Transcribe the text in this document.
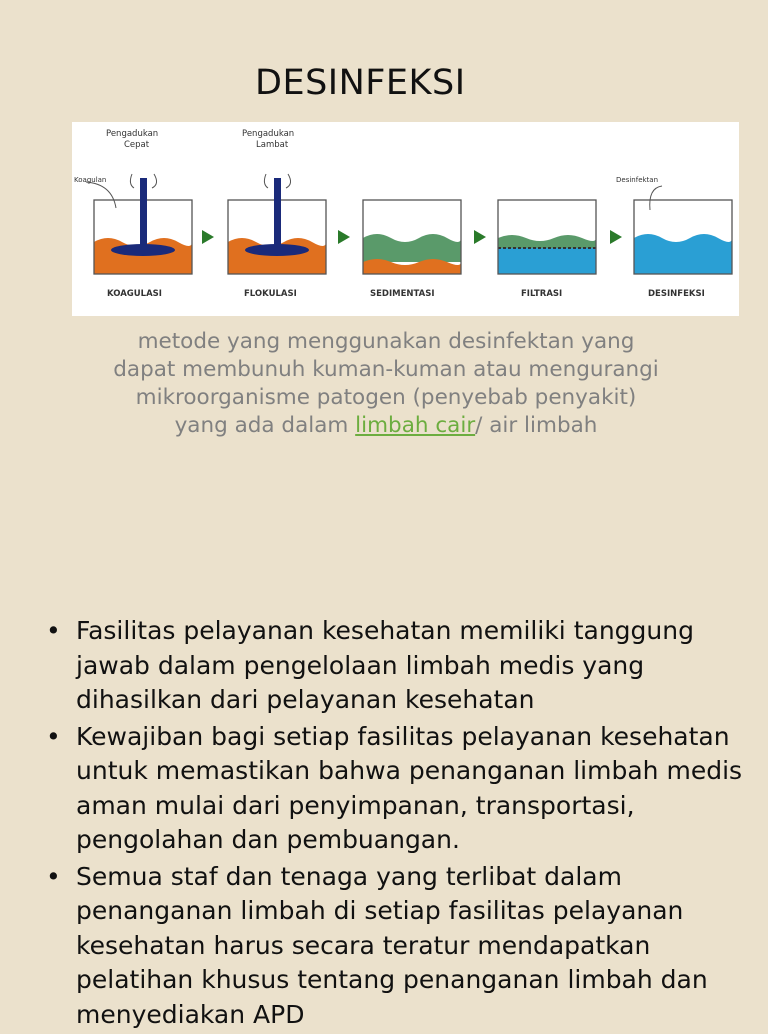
DESINFEKSI
Pengadukan
Cepat
Koagulan
KOAGULASI
Pengadukan
Lambat
FLOKULASI	SEDIMENTASI	FILTRASI
Desinfektan
DESINFEKSI
metode yang menggunakan desinfektan yang dapat membunuh kuman-kuman atau mengurangi mikroorganisme patogen (penyebab penyakit) yang ada dalam limbah cair/ air limbah
• Fasilitas pelayanan kesehatan memiliki tanggung jawab dalam pengelolaan limbah medis yang dihasilkan dari pelayanan kesehatan
• Kewajiban bagi setiap fasilitas pelayanan kesehatan untuk memastikan bahwa penanganan limbah medis aman mulai dari penyimpanan, transportasi, pengolahan dan pembuangan.
• Semua staf dan tenaga yang terlibat dalam penanganan limbah di setiap fasilitas pelayanan kesehatan harus secara teratur mendapatkan pelatihan khusus tentang penanganan limbah dan menyediakan APD
